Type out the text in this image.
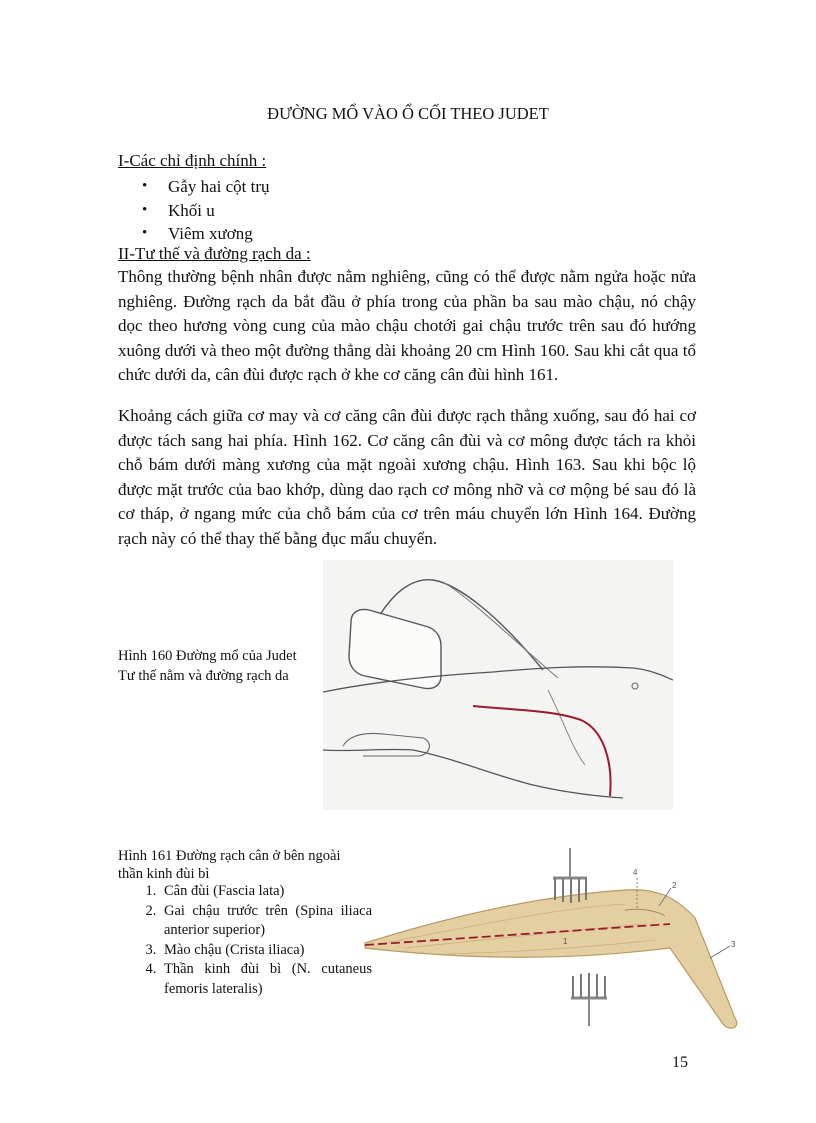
ĐƯỜNG MỔ VÀO Ổ CỐI THEO JUDET
I-Các chỉ định chính :
• Gẫy hai cột trụ
• Khối u
• Viêm xương
II-Tư thế và đường rạch da :

Thông thường bệnh nhân được nằm nghiêng, cũng có thể được nằm ngửa hoặc nửa nghiêng. Đường rạch da bắt đầu ở phía trong của phần ba sau mào chậu, nó chậy dọc theo hương vòng cung của mào chậu chotới gai chậu trước trên sau đó hướng xuông dưới và theo một đường thẳng dài khoảng 20 cm Hình 160. Sau khi cắt qua tổ chức dưới da, cân đùi được rạch ở khe cơ căng cân đùi hình 161.

Khoảng cách giữa cơ may và cơ căng cân đùi được rạch thẳng xuống, sau đó hai cơ được tách sang hai phía. Hình 162. Cơ căng cân đùi và cơ mông được tách ra khỏi chỗ bám dưới màng xương của mặt ngoài xương chậu. Hình 163. Sau khi bộc lộ được mặt trước của bao khớp, dùng dao rạch cơ mông nhỡ và cơ mộng bé sau đó là cơ tháp, ở ngang mức của chỗ bám của cơ trên máu chuyển lớn Hình 164. Đường rạch này có thể thay thế bằng đục mấu chuyển.

Hình 160 Đường mổ của Judet
Tư thế nằm và đường rạch da
Hình 161 Đường rạch cân ở bên ngoài
thần kinh đùi bì
1. Cân đùi (Fascia lata)
2. Gai chậu trước trên (Spina iliaca anterior superior)
3. Mào chậu (Crista iliaca)
4. Thần kinh đùi bì (N. cutaneus femoris lateralis)
1
2
3
4
15
